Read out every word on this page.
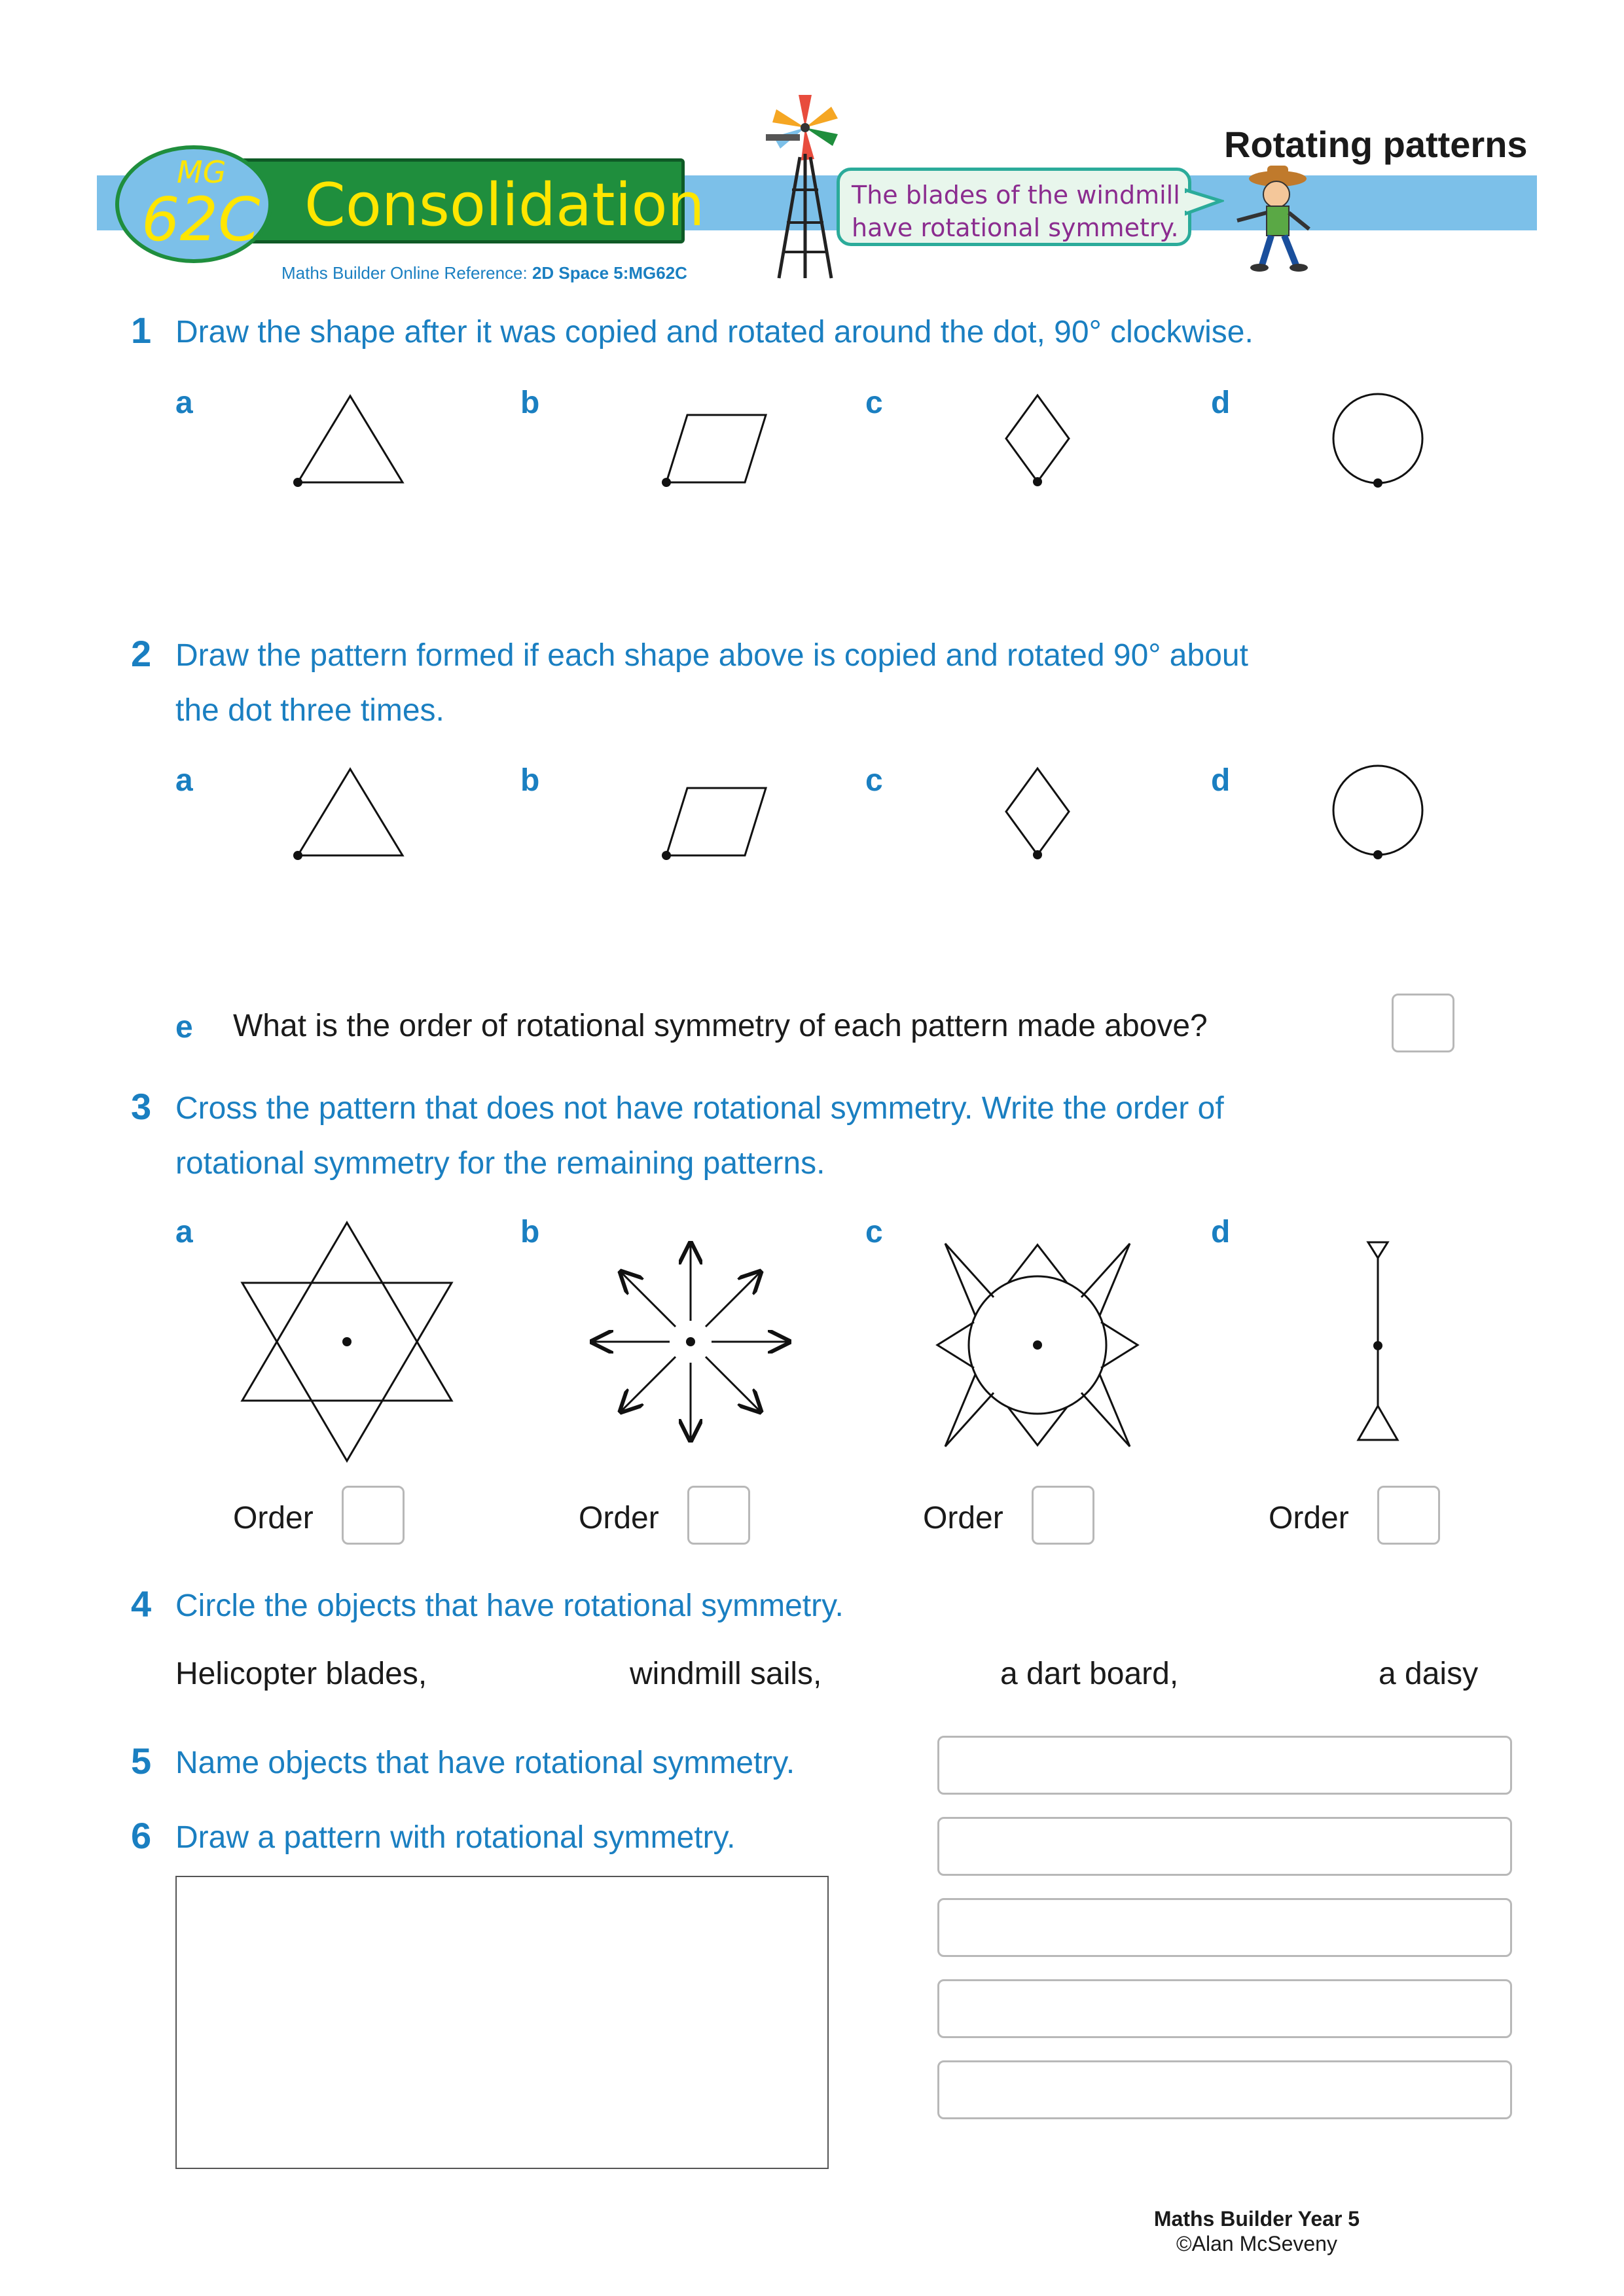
Rotating patterns
Consolidation
MG
62C	The blades of the windmill
have rotational symmetry.
Maths Builder Online Reference: 2D Space 5:MG62C
1 Draw the shape after it was copied and rotated around the dot, 90° clockwise.
a	b	c	d
2 Draw the pattern formed if each shape above is copied and rotated 90° about
the dot three times.
a	b	c	d
e What is the order of rotational symmetry of each pattern made above?
3 Cross the pattern that does not have rotational symmetry. Write the order of
rotational symmetry for the remaining patterns.
a	b	c	d
Order	Order	Order	Order
4 Circle the objects that have rotational symmetry.
Helicopter blades,	windmill sails,	a dart board,	a daisy
5 Name objects that have rotational symmetry.
6 Draw a pattern with rotational symmetry.
Maths Builder Year 5
©Alan McSeveny
